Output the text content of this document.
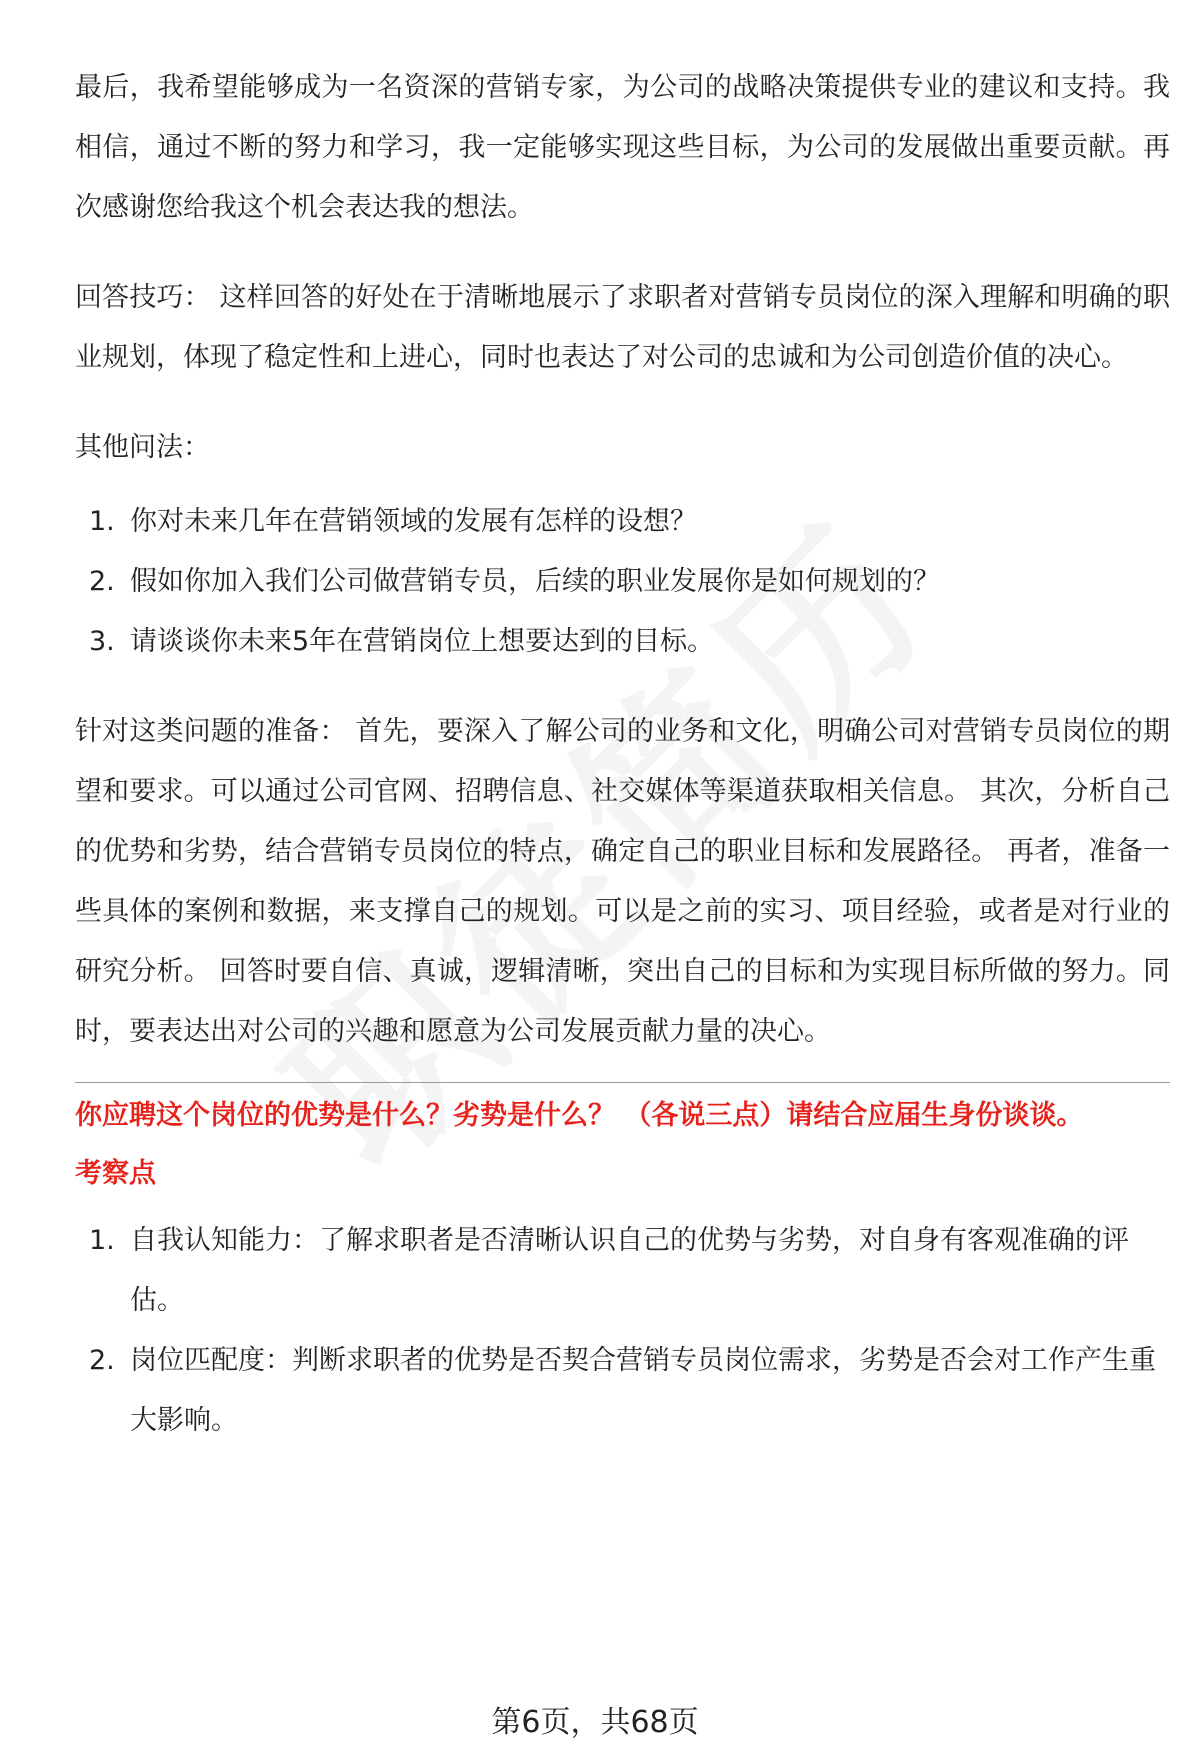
最后，我希望能够成为一名资深的营销专家，为公司的战略决策提供专业的建议和支持。我相信，通过不断的努力和学习，我一定能够实现这些目标，为公司的发展做出重要贡献。再次感谢您给我这个机会表达我的想法。

回答技巧： 这样回答的好处在于清晰地展示了求职者对营销专员岗位的深入理解和明确的职业规划，体现了稳定性和上进心，同时也表达了对公司的忠诚和为公司创造价值的决心。

其他问法：

1. 你对未来几年在营销领域的发展有怎样的设想？
2. 假如你加入我们公司做营销专员，后续的职业发展你是如何规划的？
3. 请谈谈你未来5年在营销岗位上想要达到的目标。

针对这类问题的准备： 首先，要深入了解公司的业务和文化，明确公司对营销专员岗位的期望和要求。可以通过公司官网、招聘信息、社交媒体等渠道获取相关信息。 其次，分析自己的优势和劣势，结合营销专员岗位的特点，确定自己的职业目标和发展路径。 再者，准备一些具体的案例和数据，来支撑自己的规划。可以是之前的实习、项目经验，或者是对行业的研究分析。 回答时要自信、真诚，逻辑清晰，突出自己的目标和为实现目标所做的努力。同时，要表达出对公司的兴趣和愿意为公司发展贡献力量的决心。

你应聘这个岗位的优势是什么？劣势是什么？ （各说三点）请结合应届生身份谈谈。
考察点
1. 自我认知能力：了解求职者是否清晰认识自己的优势与劣势，对自身有客观准确的评估。
2. 岗位匹配度：判断求职者的优势是否契合营销专员岗位需求，劣势是否会对工作产生重大影响。
第6页，共68页
